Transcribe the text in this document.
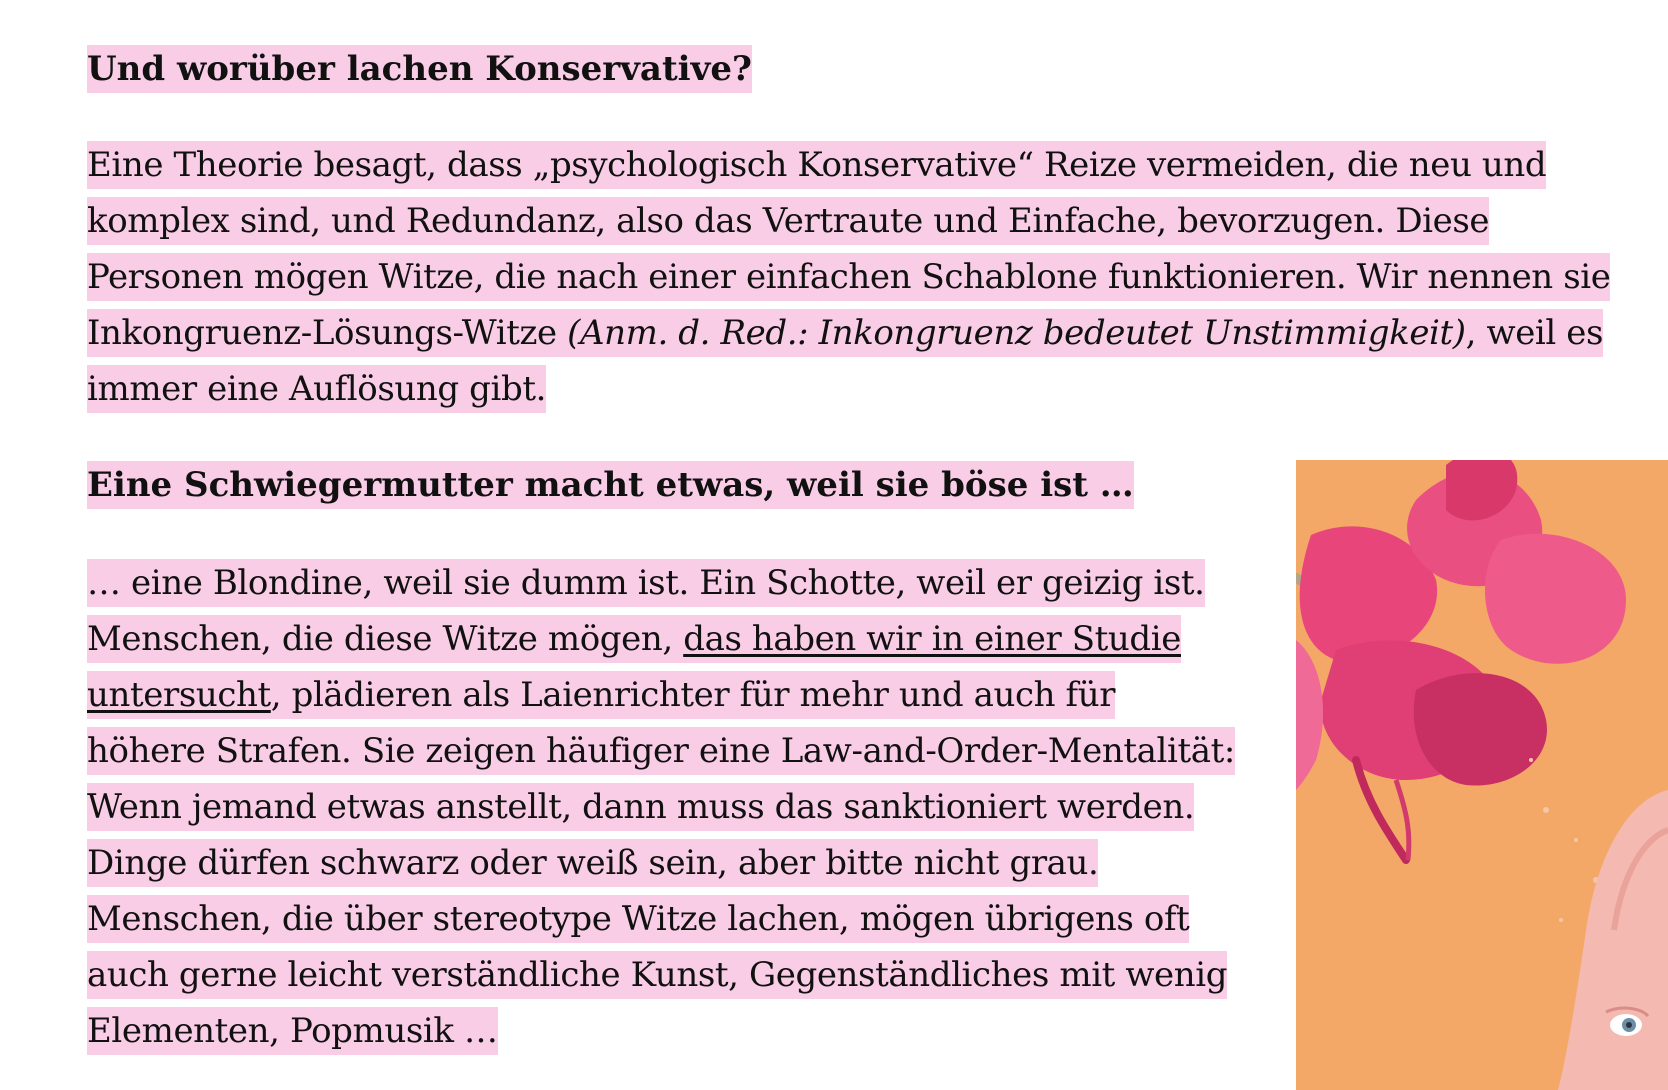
Und worüber lachen Konservative?

Eine Theorie besagt, dass „psychologisch Konservative“ Reize vermeiden, die neu und
komplex sind, und Redundanz, also das Vertraute und Einfache, bevorzugen. Diese
Personen mögen Witze, die nach einer einfachen Schablone funktionieren. Wir nennen sie
Inkongruenz-Lösungs-Witze (Anm. d. Red.: Inkongruenz bedeutet Unstimmigkeit), weil es
immer eine Auflösung gibt.

Eine Schwiegermutter macht etwas, weil sie böse ist …

… eine Blondine, weil sie dumm ist. Ein Schotte, weil er geizig ist.
Menschen, die diese Witze mögen, das haben wir in einer Studie
untersucht, plädieren als Laienrichter für mehr und auch für
höhere Strafen. Sie zeigen häufiger eine Law-and-Order-Mentalität:
Wenn jemand etwas anstellt, dann muss das sanktioniert werden.
Dinge dürfen schwarz oder weiß sein, aber bitte nicht grau.
Menschen, die über stereotype Witze lachen, mögen übrigens oft
auch gerne leicht verständliche Kunst, Gegenständliches mit wenig
Elementen, Popmusik …
